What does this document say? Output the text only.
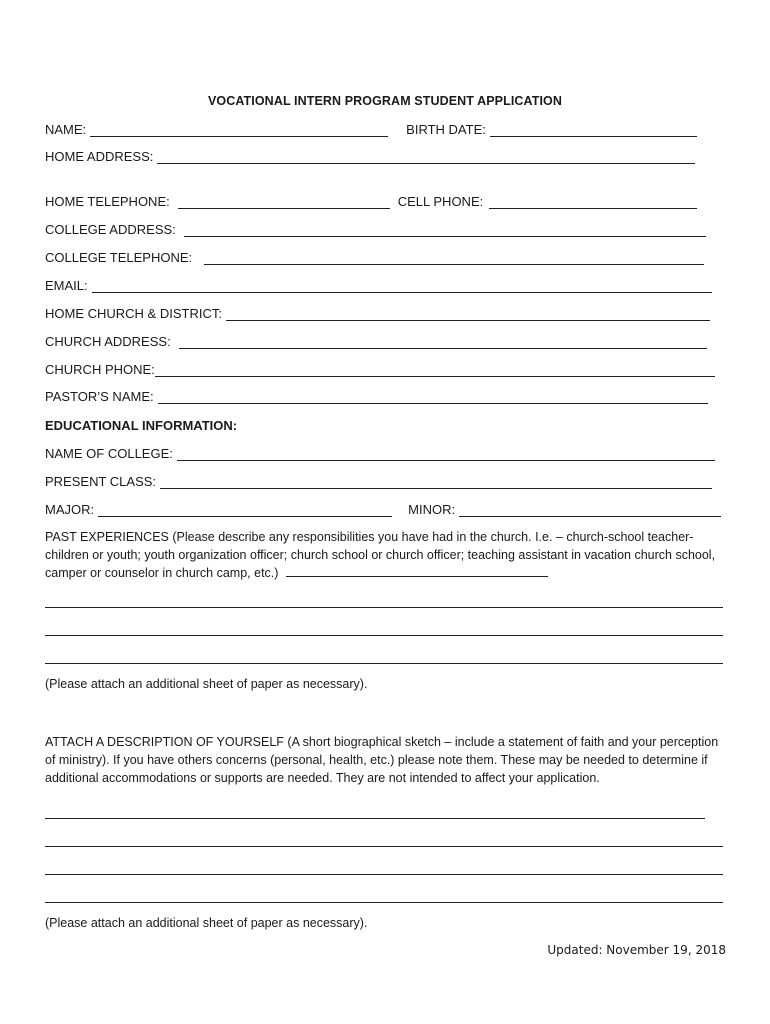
VOCATIONAL INTERN PROGRAM STUDENT APPLICATION
NAME:	BIRTH DATE:
HOME ADDRESS:
HOME TELEPHONE:	CELL PHONE:
COLLEGE ADDRESS:
COLLEGE TELEPHONE:
EMAIL:
HOME CHURCH & DISTRICT:
CHURCH ADDRESS:
CHURCH PHONE:
PASTOR’S NAME:
EDUCATIONAL INFORMATION:
NAME OF COLLEGE:
PRESENT CLASS:
MAJOR:	MINOR:
PAST EXPERIENCES (Please describe any responsibilities you have had in the church. I.e. – church-school teacher- children or youth; youth organization officer; church school or church officer; teaching assistant in vacation church school, camper or counselor in church camp, etc.)
(Please attach an additional sheet of paper as necessary).
ATTACH A DESCRIPTION OF YOURSELF (A short biographical sketch – include a statement of faith and your perception of ministry). If you have others concerns (personal, health, etc.) please note them. These may be needed to determine if additional accommodations or supports are needed. They are not intended to affect your application.
(Please attach an additional sheet of paper as necessary).
Updated: November 19, 2018
